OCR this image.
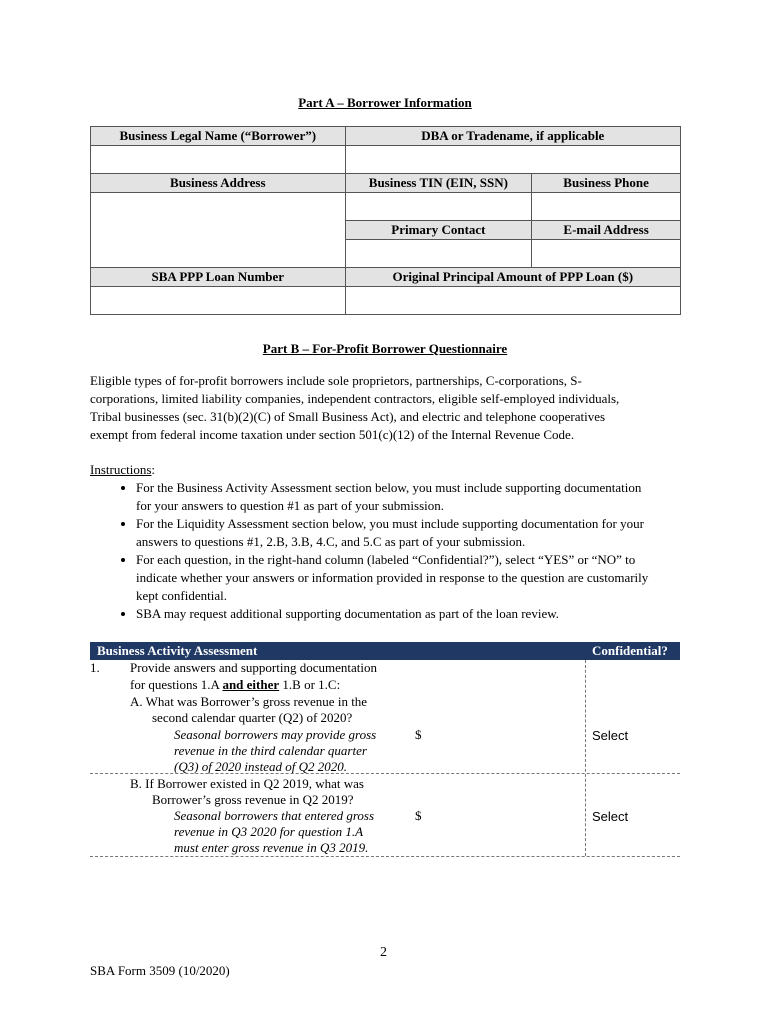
Part A – Borrower Information
Business Legal Name (“Borrower”)	DBA or Tradename, if applicable	

Business Address	Business TIN (EIN, SSN)	Business Phone

	Primary Contact	E-mail Address

SBA PPP Loan Number	Original Principal Amount of PPP Loan ($)	

Part B – For-Profit Borrower Questionnaire
Eligible types of for-profit borrowers include sole proprietors, partnerships, C-corporations, S-
corporations, limited liability companies, independent contractors, eligible self-employed individuals,
Tribal businesses (sec. 31(b)(2)(C) of Small Business Act), and electric and telephone cooperatives
exempt from federal income taxation under section 501(c)(12) of the Internal Revenue Code.
Instructions:
• For the Business Activity Assessment section below, you must include supporting documentation
for your answers to question #1 as part of your submission.
• For the Liquidity Assessment section below, you must include supporting documentation for your
answers to questions #1, 2.B, 3.B, 4.C, and 5.C as part of your submission.
• For each question, in the right-hand column (labeled “Confidential?”), select “YES” or “NO” to
indicate whether your answers or information provided in response to the question are customarily
kept confidential.
• SBA may request additional supporting documentation as part of the loan review.
Business Activity Assessment	Confidential?
1. Provide answers and supporting documentation
for questions 1.A and either 1.B or 1.C:
A. What was Borrower’s gross revenue in the
second calendar quarter (Q2) of 2020?
Seasonal borrowers may provide gross
revenue in the third calendar quarter
(Q3) of 2020 instead of Q2 2020.
$	Select
B. If Borrower existed in Q2 2019, what was
Borrower’s gross revenue in Q2 2019?
Seasonal borrowers that entered gross
revenue in Q3 2020 for question 1.A
must enter gross revenue in Q3 2019.
$	Select
2
SBA Form 3509 (10/2020)
